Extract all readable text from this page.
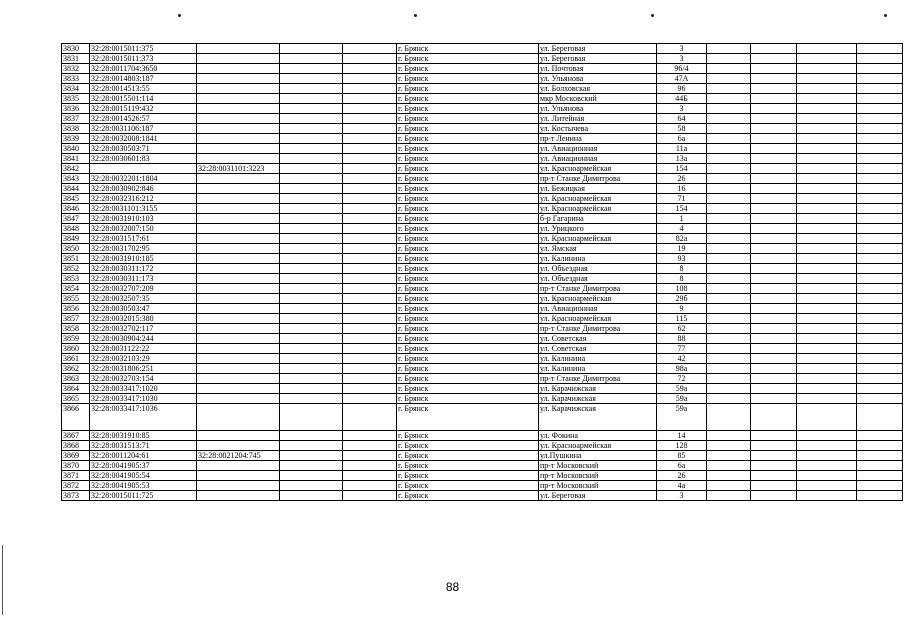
3830	32:28:0015011:375				г. Брянск	ул. Береговая	3				
3831	32:28:0015011:373				г. Брянск	ул. Береговая	3				
3832	32:28:0011704:3650				г. Брянск	ул. Почтовая	96/4				
3833	32:28:0014803:187				г. Брянск	ул. Ульянова	47А				
3834	32:28:0014513:55				г. Брянск	ул. Болховская	96				
3835	32:28:0015501:114				г. Брянск	мкр Московский	44Б				
3836	32:28:0015119:432				г. Брянск	ул. Ульянова	3				
3837	32:28:0014526:57				г. Брянск	ул. Литейная	64				
3838	32:28:0031106:187				г. Брянск	ул. Костычева	58				
3839	32:28:0032008:1841				г. Брянск	пр-т Ленина	6а				
3840	32:28:0030503:71				г. Брянск	ул. Авиационная	11а				
3841	32:28:0030601:83				г. Брянск	ул. Авиационная	13а				
3842		32:28:0031101:3223			г. Брянск	ул. Красноармейская	154				
3843	32:28:0032201:1804				г. Брянск	пр-т Станке Димитрова	26				
3844	32:28:0030902:846				г. Брянск	ул. Бежицкая	16				
3845	32:28:0032316:212				г. Брянск	ул. Красноармейская	71				
3846	32:28:0031101:3155				г. Брянск	ул. Красноармейская	154				
3847	32:28:0031910:103				г. Брянск	б-р Гагарина	1				
3848	32:28:0032007:150				г. Брянск	ул. Урицкого	4				
3849	32:28:0031517:61				г. Брянск	ул. Красноармейская	82а				
3850	32:28:0031702:95				г. Брянск	ул. Ямская	19				
3851	32:28:0031910:185				г. Брянск	ул. Калинина	93				
3852	32:28:0030311:172				г. Брянск	ул. Объездная	8				
3853	32:28:0030311:173				г. Брянск	ул. Объездная	8				
3854	32:28:0032707:209				г. Брянск	пр-т Станке Димитрова	108				
3855	32:28:0032507:35				г. Брянск	ул. Красноармейская	29б				
3856	32:28:0030503:47				г. Брянск	ул. Авиационная	9				
3857	32:28:0032015:380				г. Брянск	ул. Красноармейская	115				
3858	32:28:0032702:117				г. Брянск	пр-т Станке Димитрова	62				
3859	32:28:0030904:244				г. Брянск	ул. Советская	88				
3860	32:28:0031122:22				г. Брянск	ул. Советская	77				
3861	32:28:0032103:29				г. Брянск	ул. Калинина	42				
3862	32:28:0031806:251				г. Брянск	ул. Калинина	98а				
3863	32:28:0032703:154				г. Брянск	пр-т Станке Димитрова	72				
3864	32:28:0033417:1020				г. Брянск	ул. Карачижская	59а				
3865	32:28:0033417:1030				г. Брянск	ул. Карачижская	59а				
3866	32:28:0033417:1036				г. Брянск	ул. Карачижская	59а				
3867	32:28:0031910:85				г. Брянск	ул. Фокина	14				
3868	32:28:0031513:71				г. Брянск	ул. Красноармейская	128				
3869	32:28:0011204:61	32:28:0021204:745			г. Брянск	ул.Пушкина	85				
3870	32:28:0041905:37				г. Брянск	пр-т Московский	6а				
3871	32:28:0041905:54				г. Брянск	пр-т Московский	26				
3872	32:28:0041905:53				г. Брянск	пр-т Московский	4а				
3873	32:28:0015011:725				г. Брянск	ул. Береговая	3				
88
